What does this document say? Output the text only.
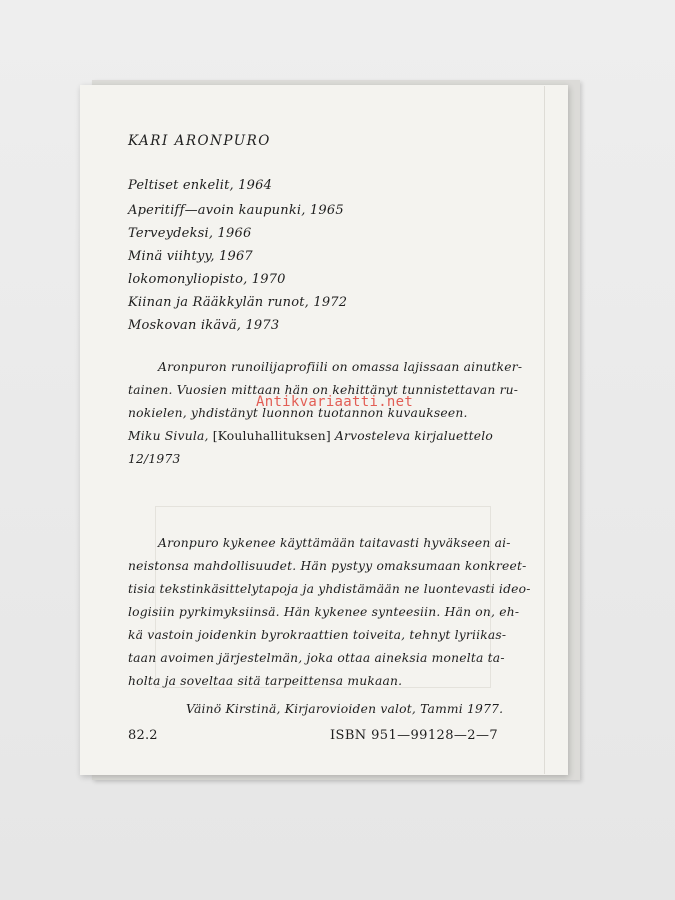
KARI ARONPURO
Peltiset enkelit, 1964
Aperitiff—avoin kaupunki, 1965
Terveydeksi, 1966
Minä viihtyy, 1967
lokomonyliopisto, 1970
Kiinan ja Rääkkylän runot, 1972
Moskovan ikävä, 1973
Aronpuron runoilijaprofiili on omassa lajissaan ainutker-
tainen. Vuosien mittaan hän on kehittänyt tunnistettavan ru-
nokielen, yhdistänyt luonnon tuotannon kuvaukseen.
Miku Sivula, [Kouluhallituksen] Arvosteleva kirjaluettelo
12/1973
Aronpuro kykenee käyttämään taitavasti hyväkseen ai-
neistonsa mahdollisuudet. Hän pystyy omaksumaan konkreet-
tisia tekstinkäsittelytapoja ja yhdistämään ne luontevasti ideo-
logisiin pyrkimyksiinsä. Hän kykenee synteesiin. Hän on, eh-
kä vastoin joidenkin byrokraattien toiveita, tehnyt lyriikas-
taan avoimen järjestelmän, joka ottaa aineksia monelta ta-
holta ja soveltaa sitä tarpeittensa mukaan.
Väinö Kirstinä, Kirjarovioiden valot, Tammi 1977.
82.2	ISBN 951—99128—2—7
Antikvariaatti.net
